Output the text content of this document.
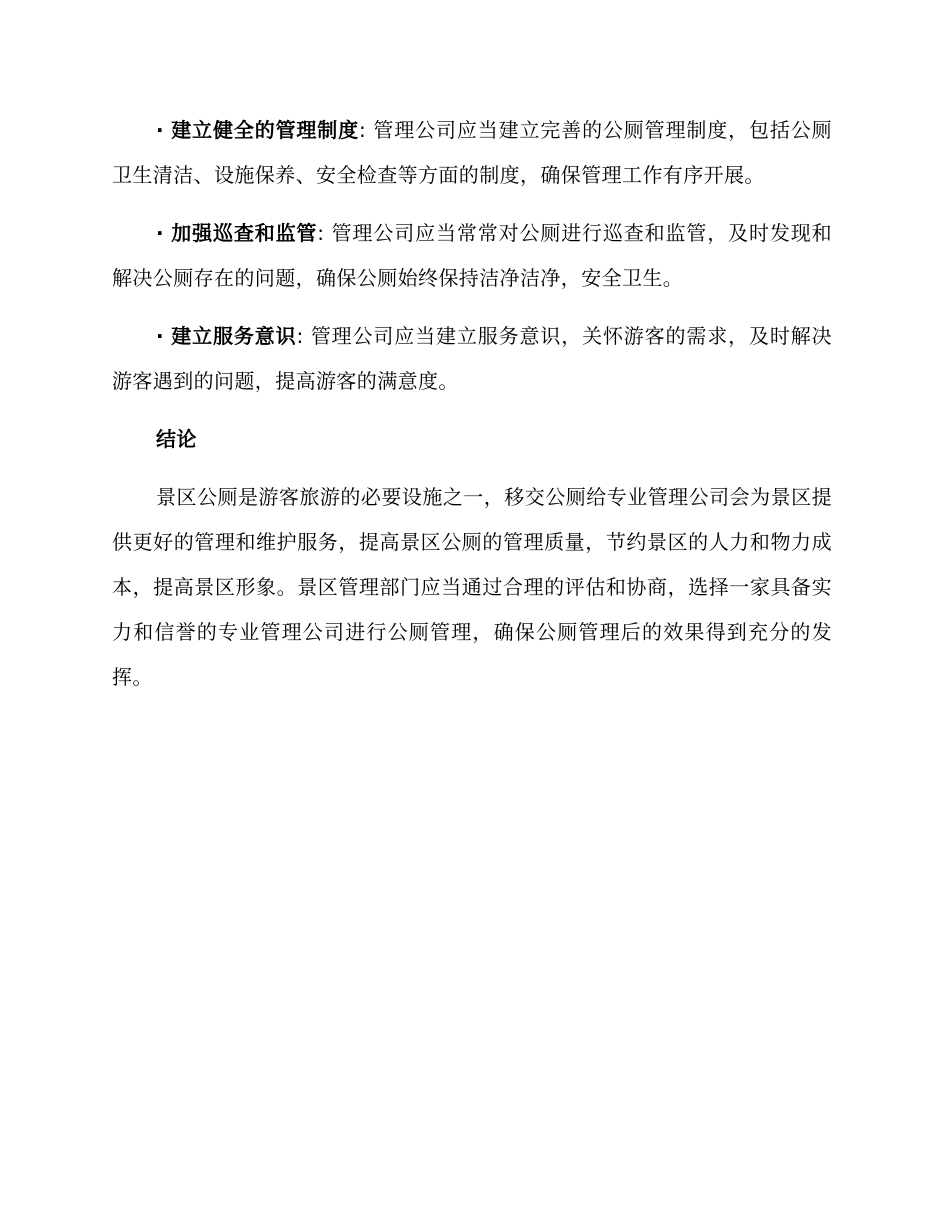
· 建立健全的管理制度: 管理公司应当建立完善的公厕管理制度，包括公厕卫生清洁、设施保养、安全检查等方面的制度，确保管理工作有序开展。

· 加强巡查和监管: 管理公司应当常常对公厕进行巡查和监管，及时发现和解决公厕存在的问题，确保公厕始终保持洁净洁净，安全卫生。

· 建立服务意识: 管理公司应当建立服务意识，关怀游客的需求，及时解决游客遇到的问题，提高游客的满意度。

结论

景区公厕是游客旅游的必要设施之一，移交公厕给专业管理公司会为景区提供更好的管理和维护服务，提高景区公厕的管理质量，节约景区的人力和物力成本，提高景区形象。景区管理部门应当通过合理的评估和协商，选择一家具备实力和信誉的专业管理公司进行公厕管理，确保公厕管理后的效果得到充分的发挥。
